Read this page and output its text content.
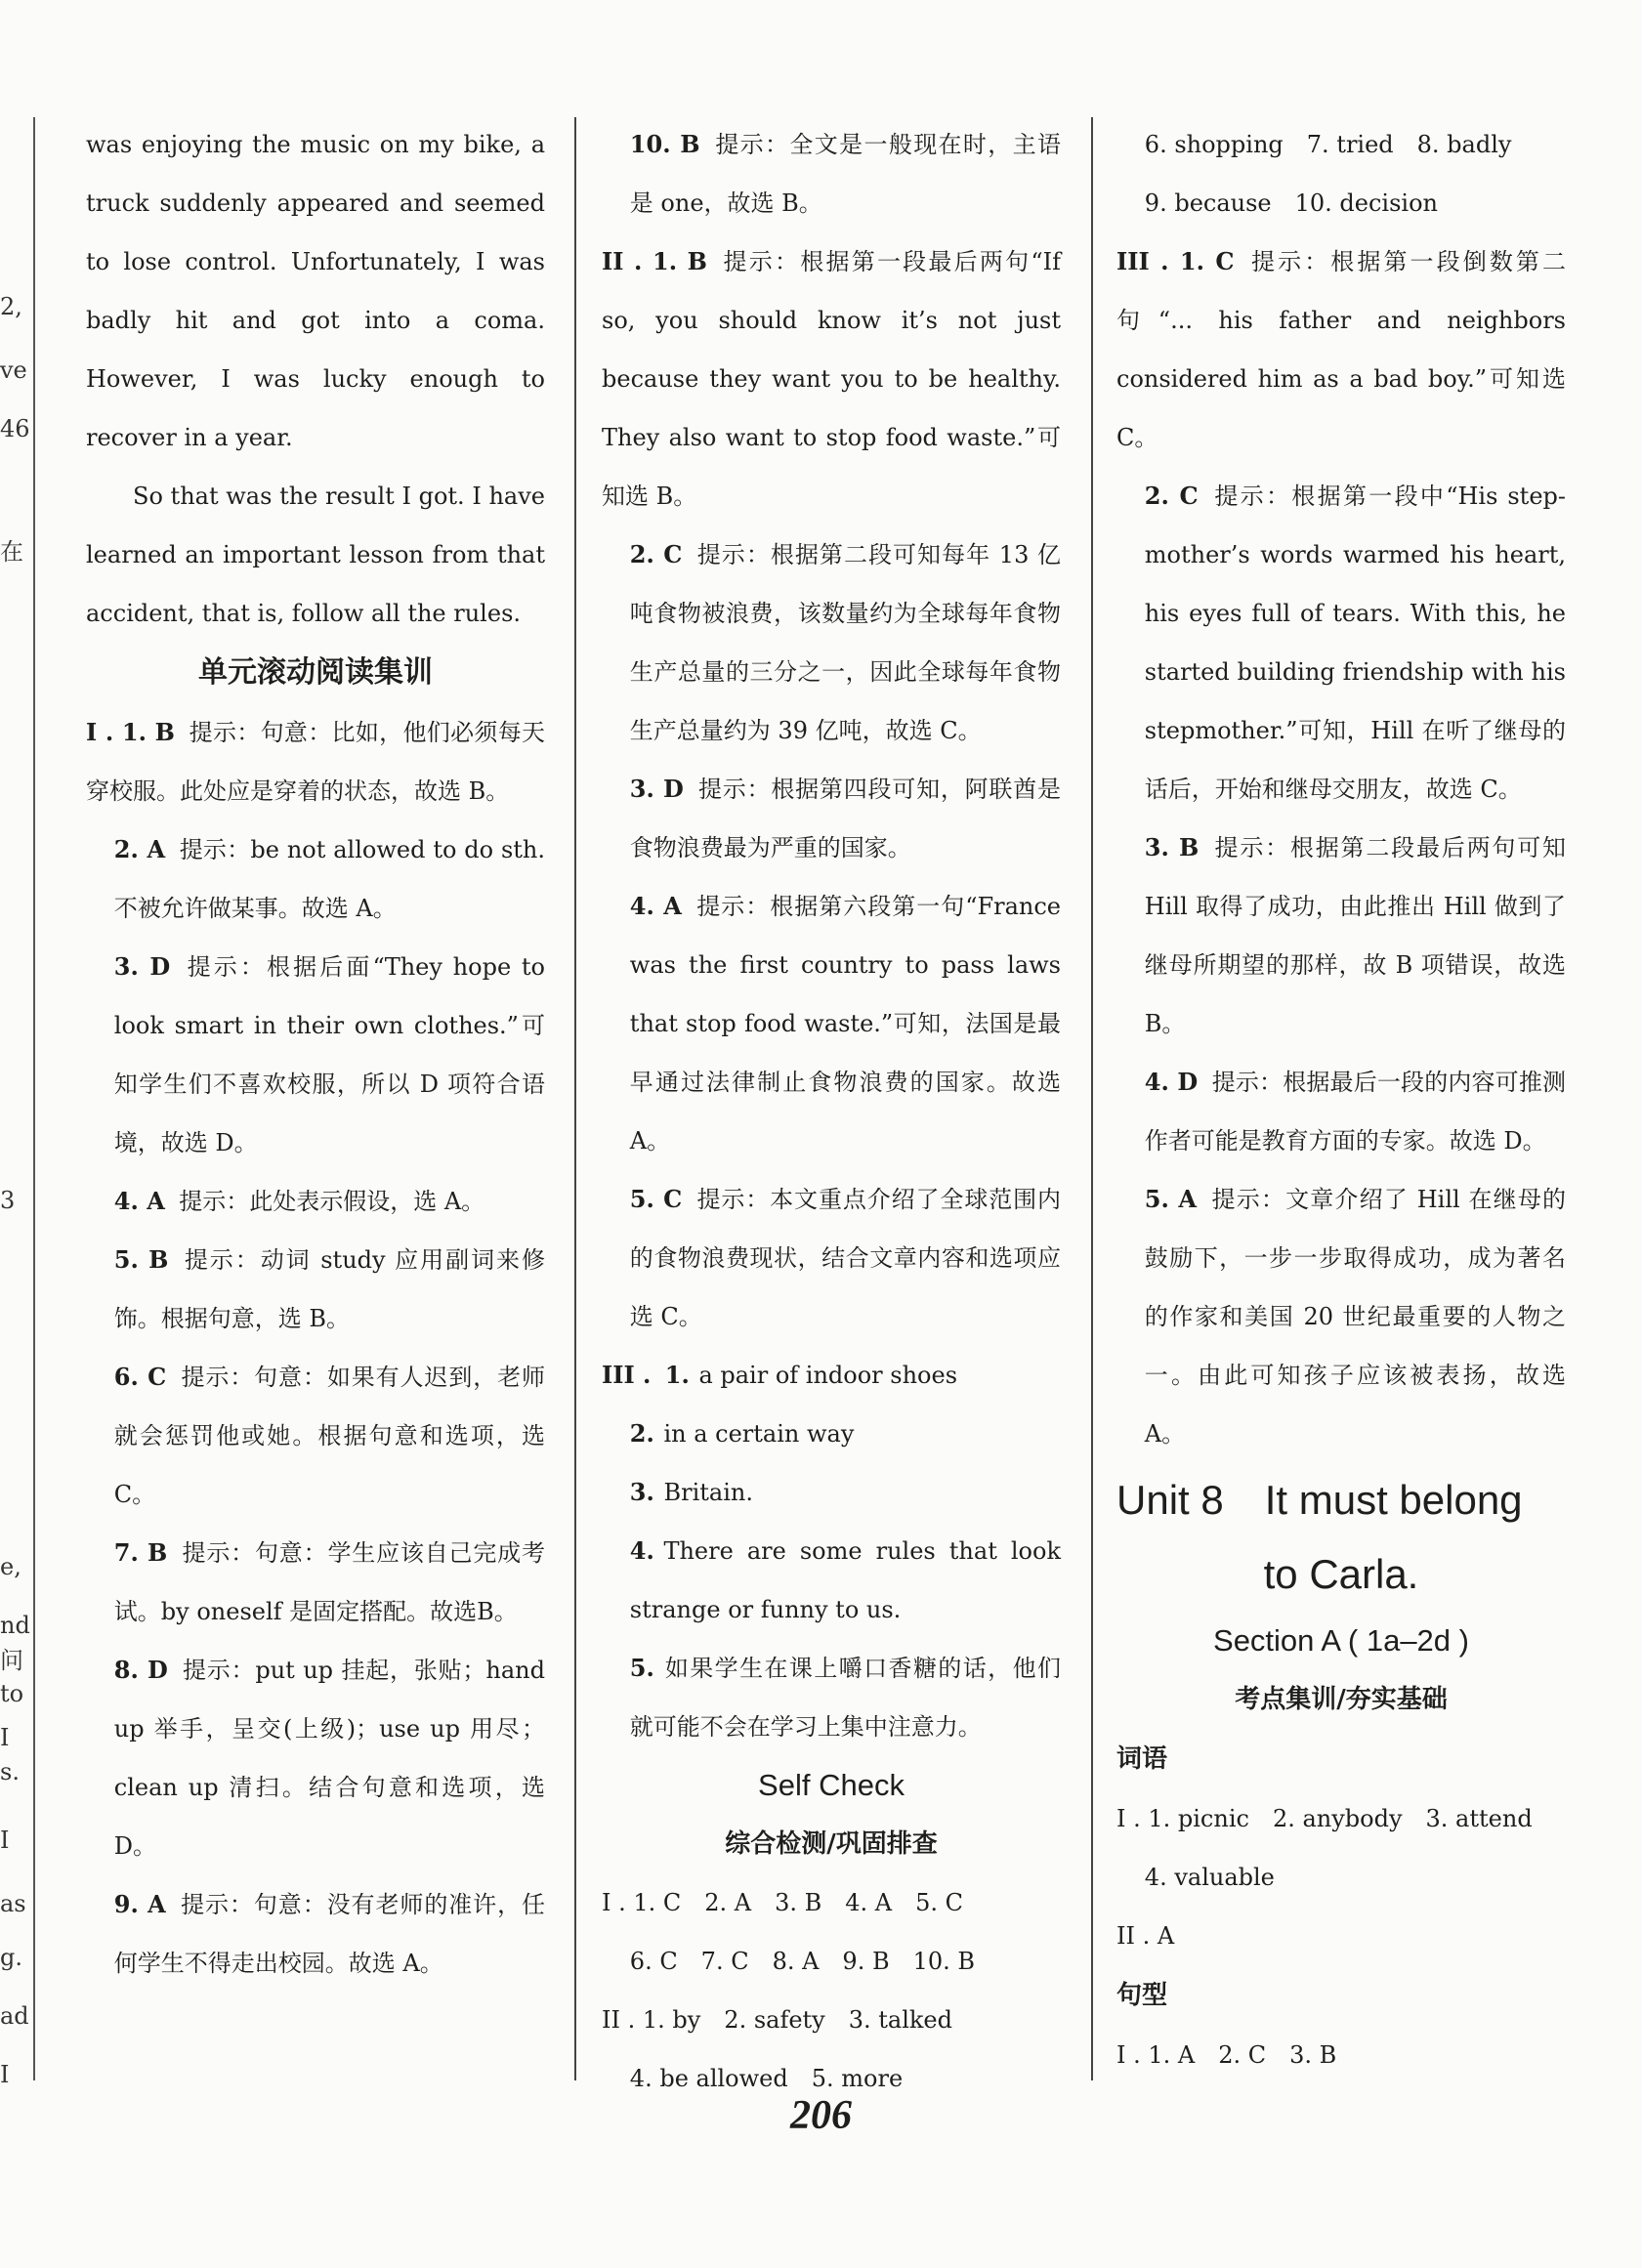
2,
ve
46
在
3
e,
nd
问
to
I
s.
I
as
g.
ad
I

was enjoying the music on my bike, a truck suddenly appeared and seemed to lose control. Unfortunately, I was badly hit and got into a coma. However, I was lucky enough to recover in a year.

So that was the result I got. I have learned an important lesson from that accident, that is, follow all the rules.

单元滚动阅读集训

I . 1. B 提示：句意：比如，他们必须每天穿校服。此处应是穿着的状态，故选 B。

2. A 提示：be not allowed to do sth. 不被允许做某事。故选 A。

3. D 提示：根据后面“They hope to look smart in their own clothes.”可知学生们不喜欢校服，所以 D 项符合语境，故选 D。

4. A 提示：此处表示假设，选 A。

5. B 提示：动词 study 应用副词来修饰。根据句意，选 B。

6. C 提示：句意：如果有人迟到，老师就会惩罚他或她。根据句意和选项，选 C。

7. B 提示：句意：学生应该自己完成考试。by oneself 是固定搭配。故选B。

8. D 提示：put up 挂起，张贴；hand up 举手，呈交(上级)；use up 用尽；clean up 清扫。结合句意和选项，选 D。

9. A 提示：句意：没有老师的准许，任何学生不得走出校园。故选 A。

10. B 提示：全文是一般现在时，主语是 one，故选 B。

II . 1. B 提示：根据第一段最后两句“If so, you should know it’s not just because they want you to be healthy. They also want to stop food waste.”可知选 B。

2. C 提示：根据第二段可知每年 13 亿吨食物被浪费，该数量约为全球每年食物生产总量的三分之一，因此全球每年食物生产总量约为 39 亿吨，故选 C。

3. D 提示：根据第四段可知，阿联酋是食物浪费最为严重的国家。

4. A 提示：根据第六段第一句“France was the first country to pass laws that stop food waste.”可知，法国是最早通过法律制止食物浪费的国家。故选 A。

5. C 提示：本文重点介绍了全球范围内的食物浪费现状，结合文章内容和选项应选 C。

III . 1. a pair of indoor shoes

2. in a certain way

3. Britain.

4. There are some rules that look strange or funny to us.

5. 如果学生在课上嚼口香糖的话，他们就可能不会在学习上集中注意力。

Self Check
综合检测/巩固排查

I . 1. C　2. A　3. B　4. A　5. C

6. C　7. C　8. A　9. B　10. B

II . 1. by　2. safety　3. talked

4. be allowed　5. more

6. shopping　7. tried　8. badly

9. because　10. decision

III . 1. C 提示：根据第一段倒数第二句“... his father and neighbors considered him as a bad boy.”可知选 C。

2. C 提示：根据第一段中“His step-mother’s words warmed his heart, his eyes full of tears. With this, he started building friendship with his stepmother.”可知，Hill 在听了继母的话后，开始和继母交朋友，故选 C。

3. B 提示：根据第二段最后两句可知 Hill 取得了成功，由此推出 Hill 做到了继母所期望的那样，故 B 项错误，故选 B。

4. D 提示：根据最后一段的内容可推测作者可能是教育方面的专家。故选 D。

5. A 提示：文章介绍了 Hill 在继母的鼓励下，一步一步取得成功，成为著名的作家和美国 20 世纪最重要的人物之一。由此可知孩子应该被表扬，故选 A。

Unit 8　It must belong
to Carla.
Section A ( 1a–2d )
考点集训/夯实基础
词语

I . 1. picnic　2. anybody　3. attend

4. valuable

II . A

句型

I . 1. A　2. C　3. B

206
